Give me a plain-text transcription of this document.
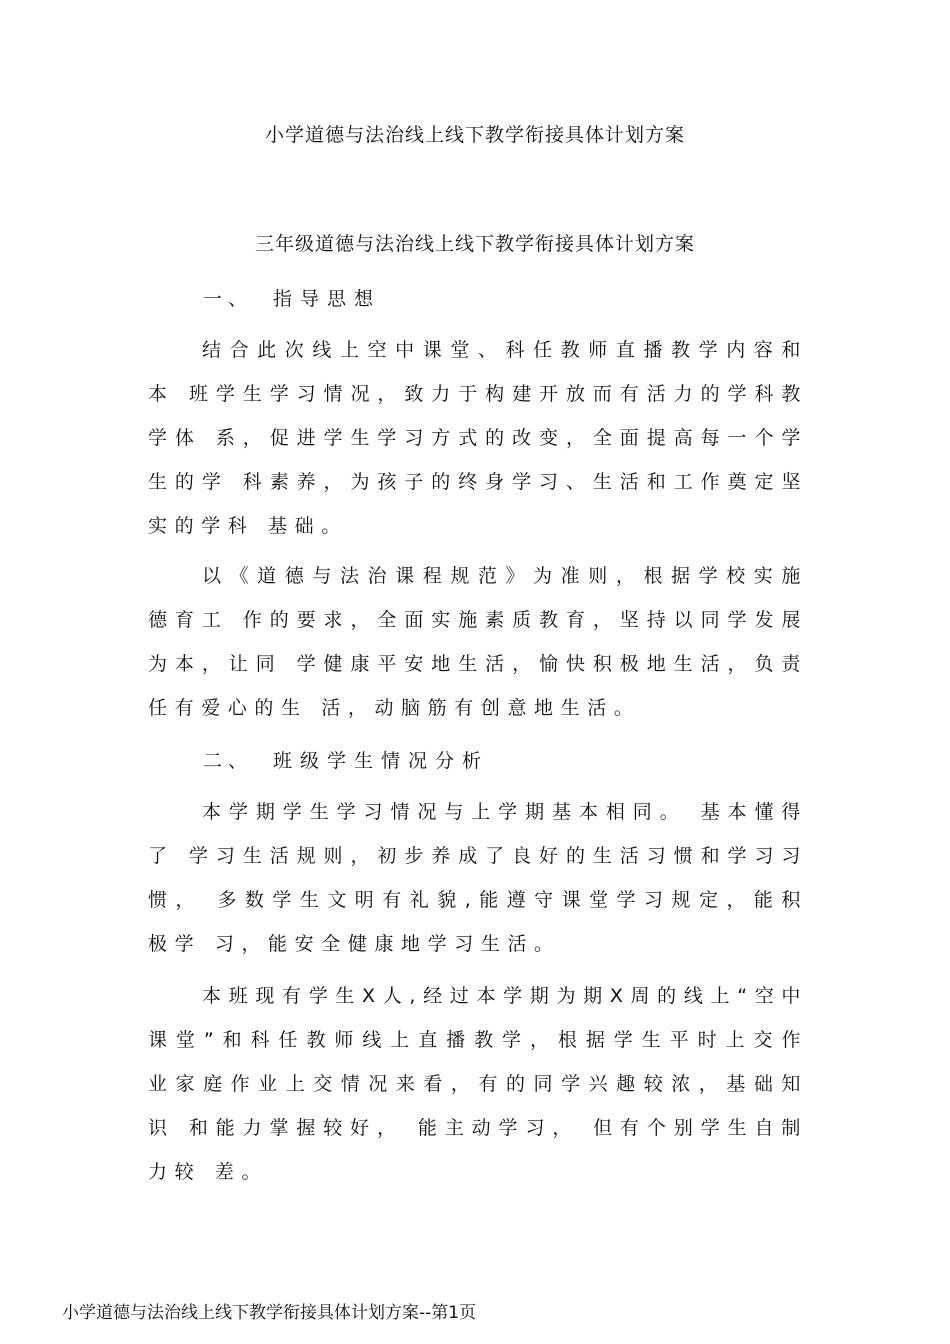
小学道德与法治线上线下教学衔接具体计划方案
三年级道德与法治线上线下教学衔接具体计划方案
一、 指导思想

结合此次线上空中课堂、科任教师直播教学内容和本 班学生学习情况，致力于构建开放而有活力的学科教学体 系，促进学生学习方式的改变，全面提高每一个学生的学 科素养，为孩子的终身学习、生活和工作奠定坚实的学科 基础。

以《道德与法治课程规范》为准则，根据学校实施德育工 作的要求，全面实施素质教育，坚持以同学发展为本，让同 学健康平安地生活，愉快积极地生活，负责任有爱心的生 活，动脑筋有创意地生活。

二、 班级学生情况分析

本学期学生学习情况与上学期基本相同。 基本懂得了 学习生活规则，初步养成了良好的生活习惯和学习习惯， 多数学生文明有礼貌,能遵守课堂学习规定，能积极学 习，能安全健康地学习生活。

本班现有学生X人,经过本学期为期X周的线上“空中课堂”和科任教师线上直播教学，根据学生平时上交作 业家庭作业上交情况来看，有的同学兴趣较浓，基础知识 和能力掌握较好， 能主动学习， 但有个别学生自制力较 差。

小学道德与法治线上线下教学衔接具体计划方案--第1页
